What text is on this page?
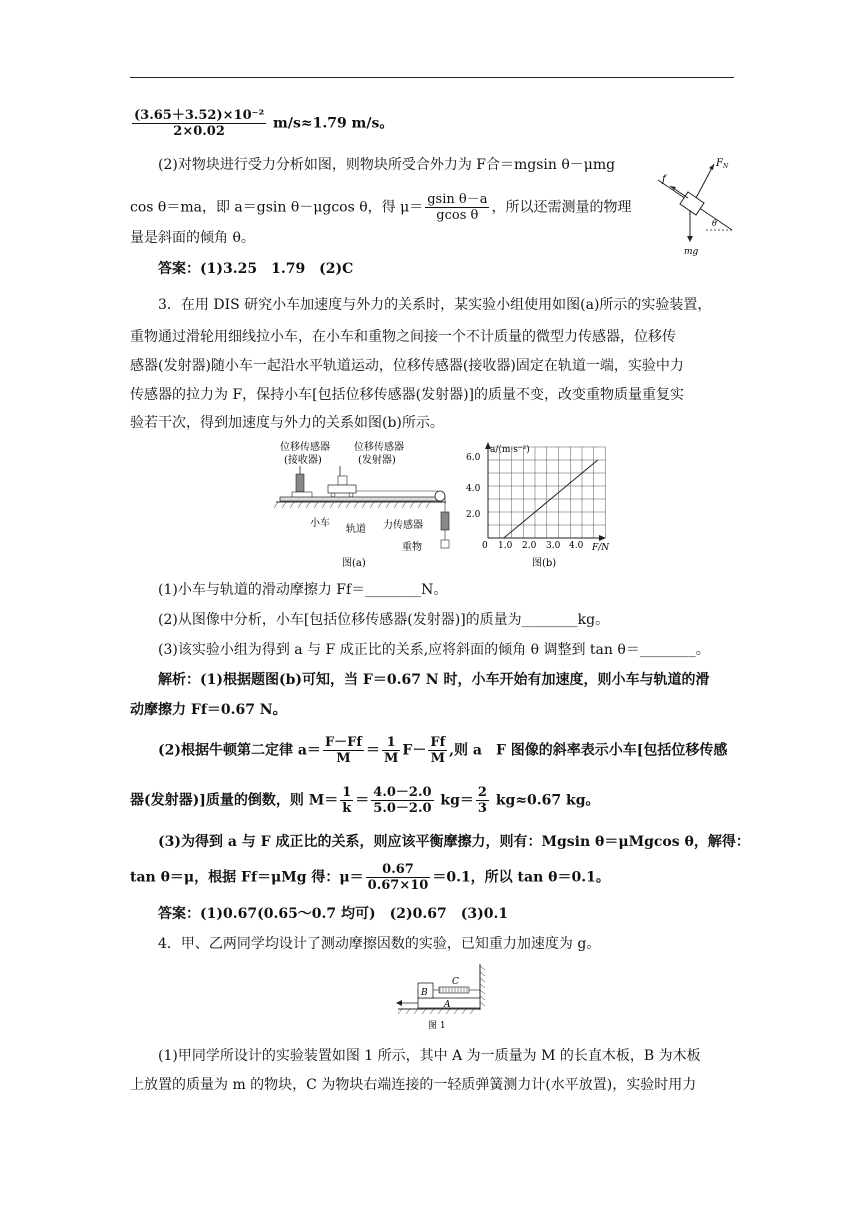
$\frac{\text{(3.65＋3.52)×10⁻²}}{2\times 0.02} m/s\approx 1.79$ m/s。
(2)对物块进行受力分析如图，则物块所受合外力为 F合＝mgsin θ－μmg
cos θ＝ma，即 a＝gsin θ－μgcos θ，得 $\mu= \frac{\text{gsin θ－a}}{\text{gcos θ}}$ ，所以还需测量的物理
量是斜面的倾角 θ。
答案：(1)3.25　1.79　(2)C
f
$F_N$
θ
mg
3．在用 DIS 研究小车加速度与外力的关系时，某实验小组使用如图(a)所示的实验装置，
重物通过滑轮用细线拉小车，在小车和重物之间接一个不计质量的微型力传感器，位移传
感器(发射器)随小车一起沿水平轨道运动，位移传感器(接收器)固定在轨道一端，实验中力
传感器的拉力为 F，保持小车[包括位移传感器(发射器)]的质量不变，改变重物质量重复实
验若干次，得到加速度与外力的关系如图(b)所示。
位移传感器
(接收器)
位移传感器
(发射器)
小车
轨道 力传感器
重物
图(a)
a/(m·s⁻²)
F/N
图(b)
6.0
4.0
2.0
0 1.0 2.0 3.0 4.0
(1)小车与轨道的滑动摩擦力 Ff＝________N。
(2)从图像中分析，小车[包括位移传感器(发射器)]的质量为________kg。
(3)该实验小组为得到 a 与 F 成正比的关系,应将斜面的倾角 θ 调整到 tan θ＝________。
解析：(1)根据题图(b)可知，当 F＝0.67 N 时，小车开始有加速度，则小车与轨道的滑
动摩擦力 Ff＝0.67 N。
(2)根据牛顿第二定律 $a= \frac{F-Ff}{M} = \frac{1}{M} F- \frac{Ff}{M}$ ,则 a　F 图像的斜率表示小车[包括位移传感
器(发射器)]质量的倒数，则 $M= \frac{1}{k} = \frac{4.0-2.0}{5.0-2.0} kg= \frac{2}{3} kg\approx 0.67$ kg。
(3)为得到 a 与 F 成正比的关系，则应该平衡摩擦力，则有：Mgsin θ＝μMgcos θ，解得：
tan θ＝μ，根据 Ff＝μMg 得：$\mu= \frac{0.67}{0.67\times 10} =0.1$，所以 tan θ＝0.1。
答案：(1)0.67(0.65～0.7 均可)　(2)0.67　(3)0.1
4．甲、乙两同学均设计了测动摩擦因数的实验，已知重力加速度为 g。
B
C
A
图 1
(1)甲同学所设计的实验装置如图 1 所示，其中 A 为一质量为 M 的长直木板，B 为木板
上放置的质量为 m 的物块，C 为物块右端连接的一轻质弹簧测力计(水平放置)，实验时用力
